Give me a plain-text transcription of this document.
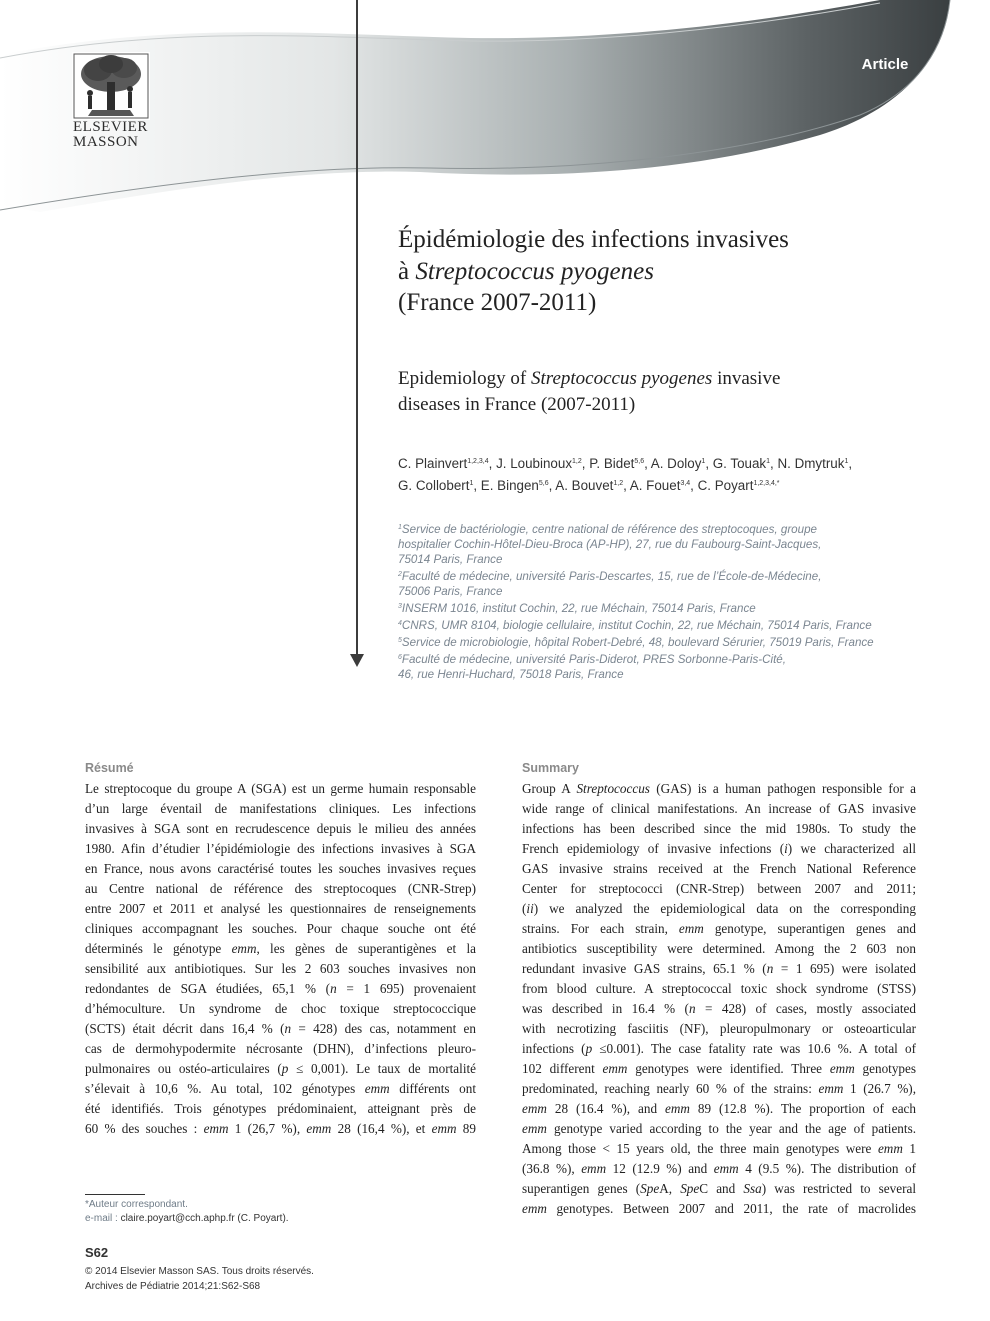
Article
ELSEVIER
MASSON
Épidémiologie des infections invasives
à Streptococcus pyogenes
(France 2007-2011)
Epidemiology of Streptococcus pyogenes invasive
diseases in France (2007-2011)
C. Plainvert$^{1,2,3,4}$, J. Loubinoux$^{1,2}$, P. Bidet$^{5,6}$, A. Doloy$^1$, G. Touak$^1$, N. Dmytruk$^1$,
G. Collobert$^1$, E. Bingen$^{5,6}$, A. Bouvet$^{1,2}$, A. Fouet$^{3,4}$, C. Poyart$^{1,2,3,4,*}$
$^1$Service de bactériologie, centre national de référence des streptocoques, groupe
hospitalier Cochin-Hôtel-Dieu-Broca (AP-HP), 27, rue du Faubourg-Saint-Jacques,
75014 Paris, France
$^2$Faculté de médecine, université Paris-Descartes, 15, rue de l’École-de-Médecine,
75006 Paris, France
$^3$INSERM 1016, institut Cochin, 22, rue Méchain, 75014 Paris, France
$^4$CNRS, UMR 8104, biologie cellulaire, institut Cochin, 22, rue Méchain, 75014 Paris, France
$^5$Service de microbiologie, hôpital Robert-Debré, 48, boulevard Sérurier, 75019 Paris, France
$^6$Faculté de médecine, université Paris-Diderot, PRES Sorbonne-Paris-Cité,
46, rue Henri-Huchard, 75018 Paris, France
Résumé
Le streptocoque du groupe A (SGA) est un germe humain responsable
d’un large éventail de manifestations cliniques. Les infections
invasives à SGA sont en recrudescence depuis le milieu des années
1980. Afin d’étudier l’épidémiologie des infections invasives à SGA
en France, nous avons caractérisé toutes les souches invasives reçues
au Centre national de référence des streptocoques (CNR-Strep)
entre 2007 et 2011 et analysé les questionnaires de renseignements
cliniques accompagnant les souches. Pour chaque souche ont été
déterminés le génotype emm, les gènes de superantigènes et la
sensibilité aux antibiotiques. Sur les 2 603 souches invasives non
redondantes de SGA étudiées, 65,1 % (n = 1 695) provenaient
d’hémoculture. Un syndrome de choc toxique streptococcique
(SCTS) était décrit dans 16,4 % (n = 428) des cas, notamment en
cas de dermohypodermite nécrosante (DHN), d’infections pleuro-
pulmonaires ou ostéo-articulaires (p ≤ 0,001). Le taux de mortalité
s’élevait à 10,6 %. Au total, 102 génotypes emm différents ont
été identifiés. Trois génotypes prédominaient, atteignant près de
60 % des souches : emm 1 (26,7 %), emm 28 (16,4 %), et emm 89
Summary
Group A Streptococcus (GAS) is a human pathogen responsible for a
wide range of clinical manifestations. An increase of GAS invasive
infections has been described since the mid 1980s. To study the
French epidemiology of invasive infections (i) we characterized all
GAS invasive strains received at the French National Reference
Center for streptococci (CNR-Strep) between 2007 and 2011;
(ii) we analyzed the epidemiological data on the corresponding
strains. For each strain, emm genotype, superantigen genes and
antibiotics susceptibility were determined. Among the 2 603 non
redundant invasive GAS strains, 65.1 % (n = 1 695) were isolated
from blood culture. A streptococcal toxic shock syndrome (STSS)
was described in 16.4 % (n = 428) of cases, mostly associated
with necrotizing fasciitis (NF), pleuropulmonary or osteoarticular
infections (p ≤0.001). The case fatality rate was 10.6 %. A total of
102 different emm genotypes were identified. Three emm genotypes
predominated, reaching nearly 60 % of the strains: emm 1 (26.7 %),
emm 28 (16.4 %), and emm 89 (12.8 %). The proportion of each
emm genotype varied according to the year and the age of patients.
Among those < 15 years old, the three main genotypes were emm 1
(36.8 %), emm 12 (12.9 %) and emm 4 (9.5 %). The distribution of
superantigen genes (SpeA, SpeC and Ssa) was restricted to several
emm genotypes. Between 2007 and 2011, the rate of macrolides
*Auteur correspondant.
e-mail : claire.poyart@cch.aphp.fr (C. Poyart).
S62
© 2014 Elsevier Masson SAS. Tous droits réservés.
Archives de Pédiatrie 2014;21:S62-S68
